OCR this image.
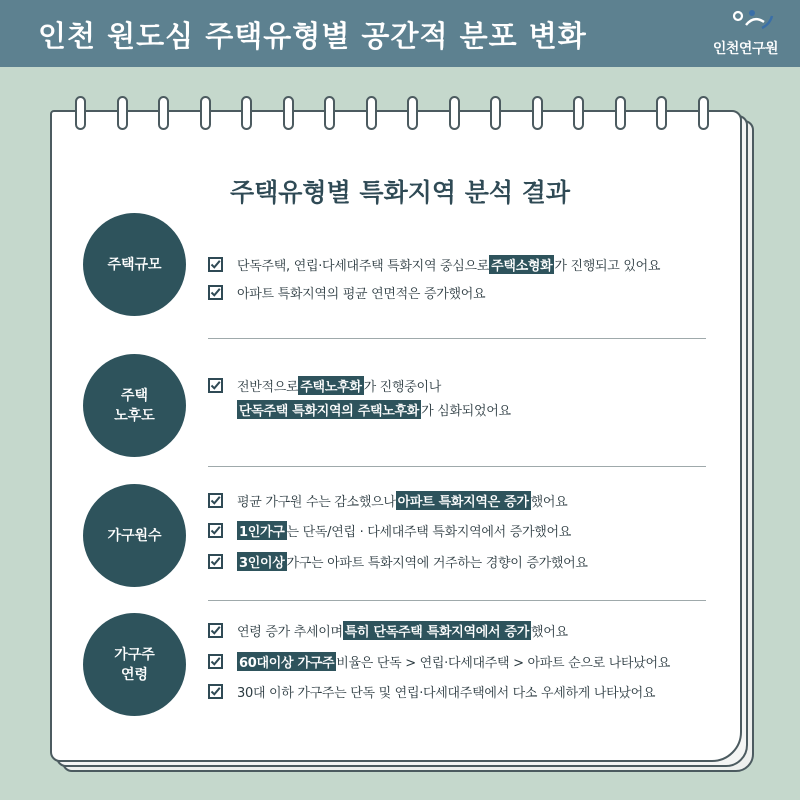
인천 원도심 주택유형별 공간적 분포 변화	인천연구원
주택유형별 특화지역 분석 결과
주택규모	단독주택, 연립·다세대주택 특화지역 중심으로 주택소형화 가 진행되고 있어요
아파트 특화지역의 평균 연면적은 증가했어요
주택
노후도
전반적으로 주택노후화 가 진행중이나
단독주택 특화지역의 주택노후화 가 심화되었어요
가구원수
평균 가구원 수는 감소했으나 아파트 특화지역은 증가 했어요
1인가구 는 단독/연립 · 다세대주택 특화지역에서 증가했어요
3인이상 가구는 아파트 특화지역에 거주하는 경향이 증가했어요
가구주
연령
연령 증가 추세이며 특히 단독주택 특화지역에서 증가 했어요
60대이상 가구주 비율은 단독 > 연립·다세대주택 > 아파트 순으로 나타났어요
30대 이하 가구주는 단독 및 연립·다세대주택에서 다소 우세하게 나타났어요
